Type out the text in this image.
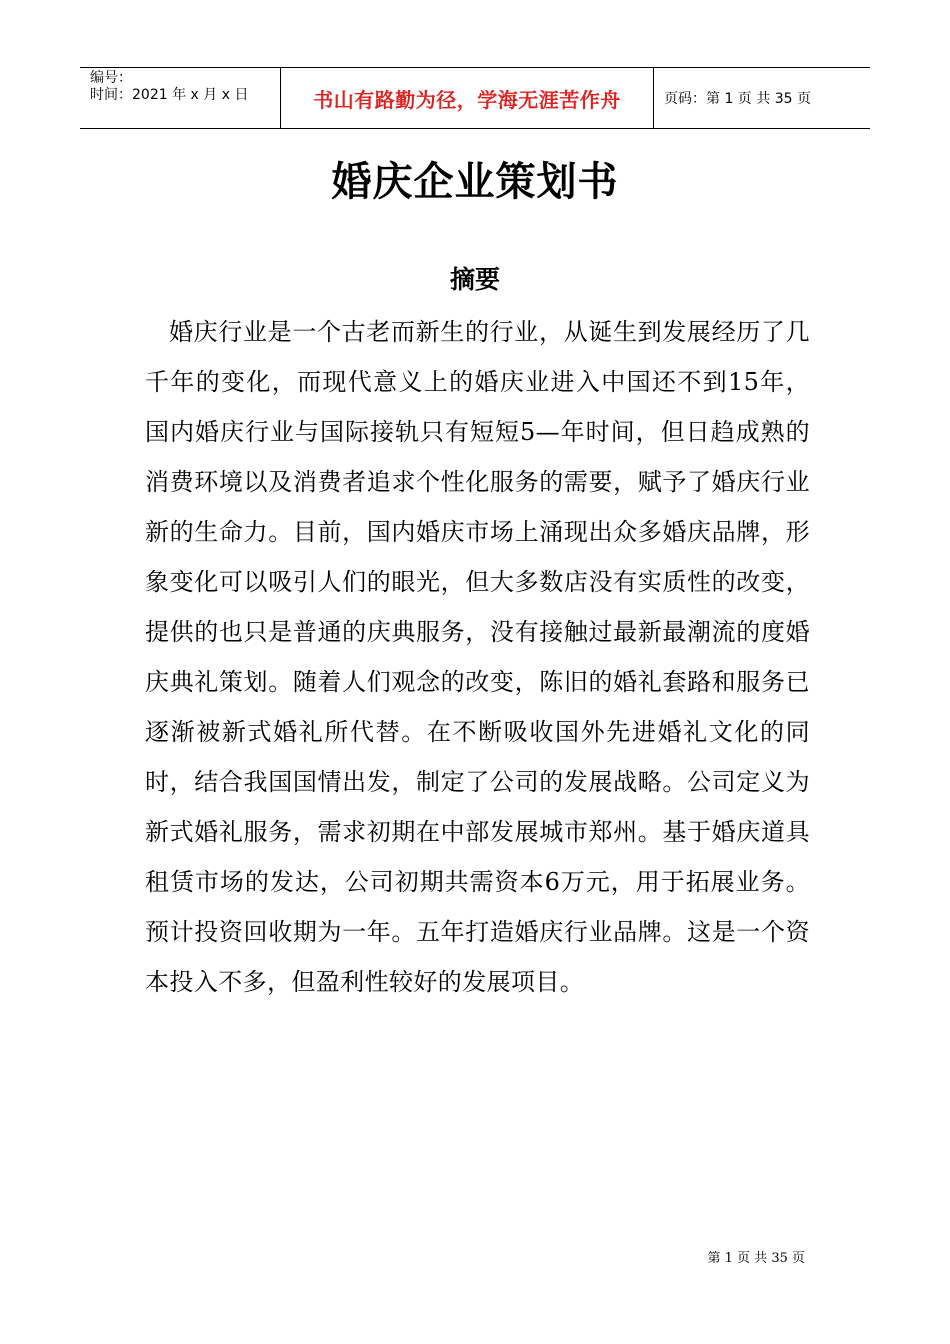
编号：
时间：2021 年 x 月 x 日	书山有路勤为径，学海无涯苦作舟	页码：第 1 页 共 35 页
婚庆企业策划书
摘要

婚庆行业是一个古老而新生的行业，从诞生到发展经历了几千年的变化，而现代意义上的婚庆业进入中国还不到15年，国内婚庆行业与国际接轨只有短短5—年时间，但日趋成熟的消费环境以及消费者追求个性化服务的需要，赋予了婚庆行业新的生命力。目前，国内婚庆市场上涌现出众多婚庆品牌，形象变化可以吸引人们的眼光，但大多数店没有实质性的改变，提供的也只是普通的庆典服务，没有接触过最新最潮流的度婚庆典礼策划。随着人们观念的改变，陈旧的婚礼套路和服务已逐渐被新式婚礼所代替。在不断吸收国外先进婚礼文化的同时，结合我国国情出发，制定了公司的发展战略。公司定义为新式婚礼服务，需求初期在中部发展城市郑州。基于婚庆道具租赁市场的发达，公司初期共需资本6万元，用于拓展业务。预计投资回收期为一年。五年打造婚庆行业品牌。这是一个资本投入不多，但盈利性较好的发展项目。

第 1 页 共 35 页
